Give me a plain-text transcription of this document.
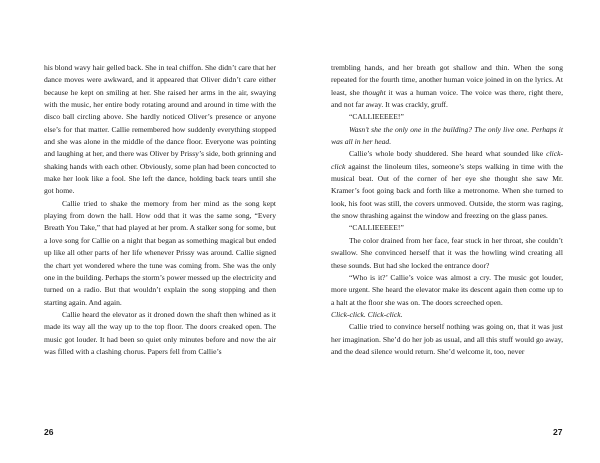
his blond wavy hair gelled back. She in teal chiffon. She didn’t care that her dance moves were awkward, and it appeared that Oliver didn’t care either because he kept on smiling at her. She raised her arms in the air, swaying with the music, her entire body rotating around and around in time with the disco ball circling above. She hardly noticed Oliver’s presence or anyone else’s for that matter. Callie remembered how suddenly everything stopped and she was alone in the middle of the dance floor. Everyone was pointing and laughing at her, and there was Oliver by Prissy’s side, both grinning and shaking hands with each other. Obviously, some plan had been concocted to make her look like a fool. She left the dance, holding back tears until she got home.

Callie tried to shake the memory from her mind as the song kept playing from down the hall. How odd that it was the same song, “Every Breath You Take,” that had played at her prom. A stalker song for some, but a love song for Callie on a night that began as something magical but ended up like all other parts of her life whenever Prissy was around. Callie signed the chart yet wondered where the tune was coming from. She was the only one in the building. Perhaps the storm’s power messed up the electricity and turned on a radio. But that wouldn’t explain the song stopping and then starting again. And again.

Callie heard the elevator as it droned down the shaft then whined as it made its way all the way up to the top floor. The doors creaked open. The music got louder. It had been so quiet only minutes before and now the air was filled with a clashing chorus. Papers fell from Callie’s

trembling hands, and her breath got shallow and thin. When the song repeated for the fourth time, another human voice joined in on the lyrics. At least, she thought it was a human voice. The voice was there, right there, and not far away. It was crackly, gruff.

“CALLIEEEEE!”

Wasn’t she the only one in the building? The only live one. Perhaps it was all in her head.

Callie’s whole body shuddered. She heard what sounded like click-click against the linoleum tiles, someone’s steps walking in time with the musical beat. Out of the corner of her eye she thought she saw Mr. Kramer’s foot going back and forth like a metronome. When she turned to look, his foot was still, the covers unmoved. Outside, the storm was raging, the snow thrashing against the window and freezing on the glass panes.

“CALLIEEEEE!”

The color drained from her face, fear stuck in her throat, she couldn’t swallow. She convinced herself that it was the howling wind creating all these sounds. But had she locked the entrance door?

“Who is it?’ Callie’s voice was almost a cry. The music got louder, more urgent. She heard the elevator make its descent again then come up to a halt at the floor she was on. The doors screeched open.

Click-click. Click-click.

Callie tried to convince herself nothing was going on, that it was just her imagination. She’d do her job as usual, and all this stuff would go away, and the dead silence would return. She’d welcome it, too, never

26	27
